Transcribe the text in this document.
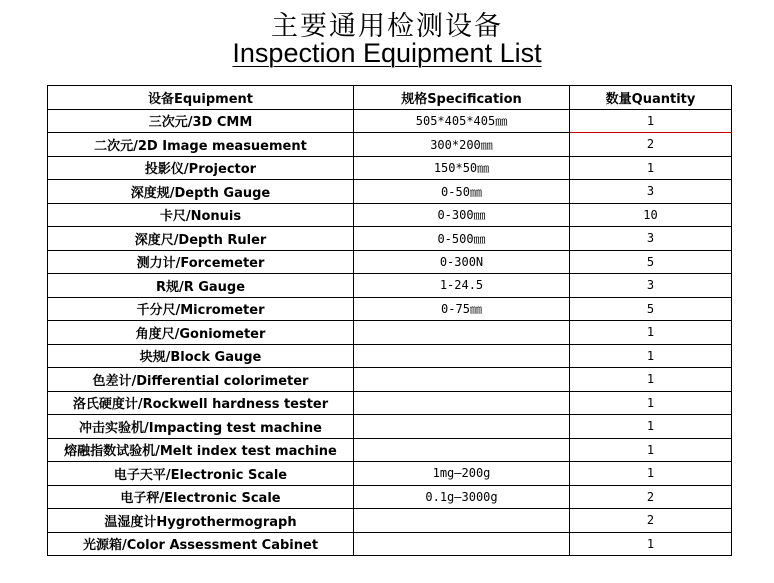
主要通用检测设备
Inspection Equipment List
设备Equipment	规格Specification	数量Quantity
三次元/3D CMM	505*405*405㎜	1
二次元/2D Image measuement	300*200㎜	2
投影仪/Projector	150*50㎜	1
深度规/Depth Gauge	0-50㎜	3
卡尺/Nonuis	0-300㎜	10
深度尺/Depth Ruler	0-500㎜	3
测力计/Forcemeter	0-300N	5
R规/R Gauge	1-24.5	3
千分尺/Micrometer	0-75㎜	5
角度尺/Goniometer		1
块规/Block Gauge		1
色差计/Differential colorimeter		1
洛氏硬度计/Rockwell hardness tester		1
冲击实验机/Impacting test machine		1
熔融指数试验机/Melt index test machine		1
电子天平/Electronic Scale	1mg—200g	1
电子秤/Electronic Scale	0.1g—3000g	2
温湿度计Hygrothermograph		2
光源箱/Color Assessment Cabinet		1
